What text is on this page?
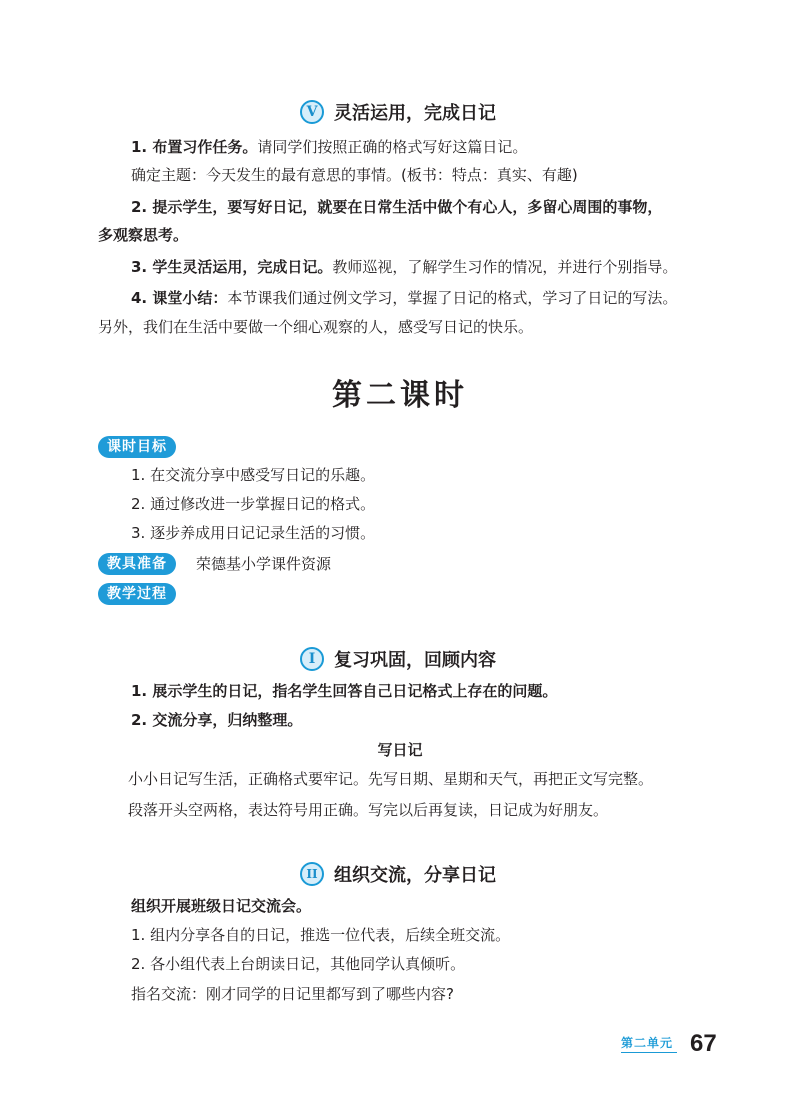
V 灵活运用，完成日记
1. 布置习作任务。请同学们按照正确的格式写好这篇日记。
确定主题：今天发生的最有意思的事情。(板书：特点：真实、有趣)
2. 提示学生，要写好日记，就要在日常生活中做个有心人，多留心周围的事物，
多观察思考。
3. 学生灵活运用，完成日记。教师巡视，了解学生习作的情况，并进行个别指导。
4. 课堂小结：本节课我们通过例文学习，掌握了日记的格式，学习了日记的写法。
另外，我们在生活中要做一个细心观察的人，感受写日记的快乐。
第二课时
课时目标
1. 在交流分享中感受写日记的乐趣。
2. 通过修改进一步掌握日记的格式。
3. 逐步养成用日记记录生活的习惯。
教具准备	荣德基小学课件资源
教学过程
I	复习巩固，回顾内容
1. 展示学生的日记，指名学生回答自己日记格式上存在的问题。
2. 交流分享，归纳整理。
写日记
小小日记写生活，正确格式要牢记。先写日期、星期和天气，再把正文写完整。
段落开头空两格，表达符号用正确。写完以后再复读，日记成为好朋友。
II 组织交流，分享日记
组织开展班级日记交流会。
1. 组内分享各自的日记，推选一位代表，后续全班交流。
2. 各小组代表上台朗读日记，其他同学认真倾听。
指名交流：刚才同学的日记里都写到了哪些内容?
第二单元 67
